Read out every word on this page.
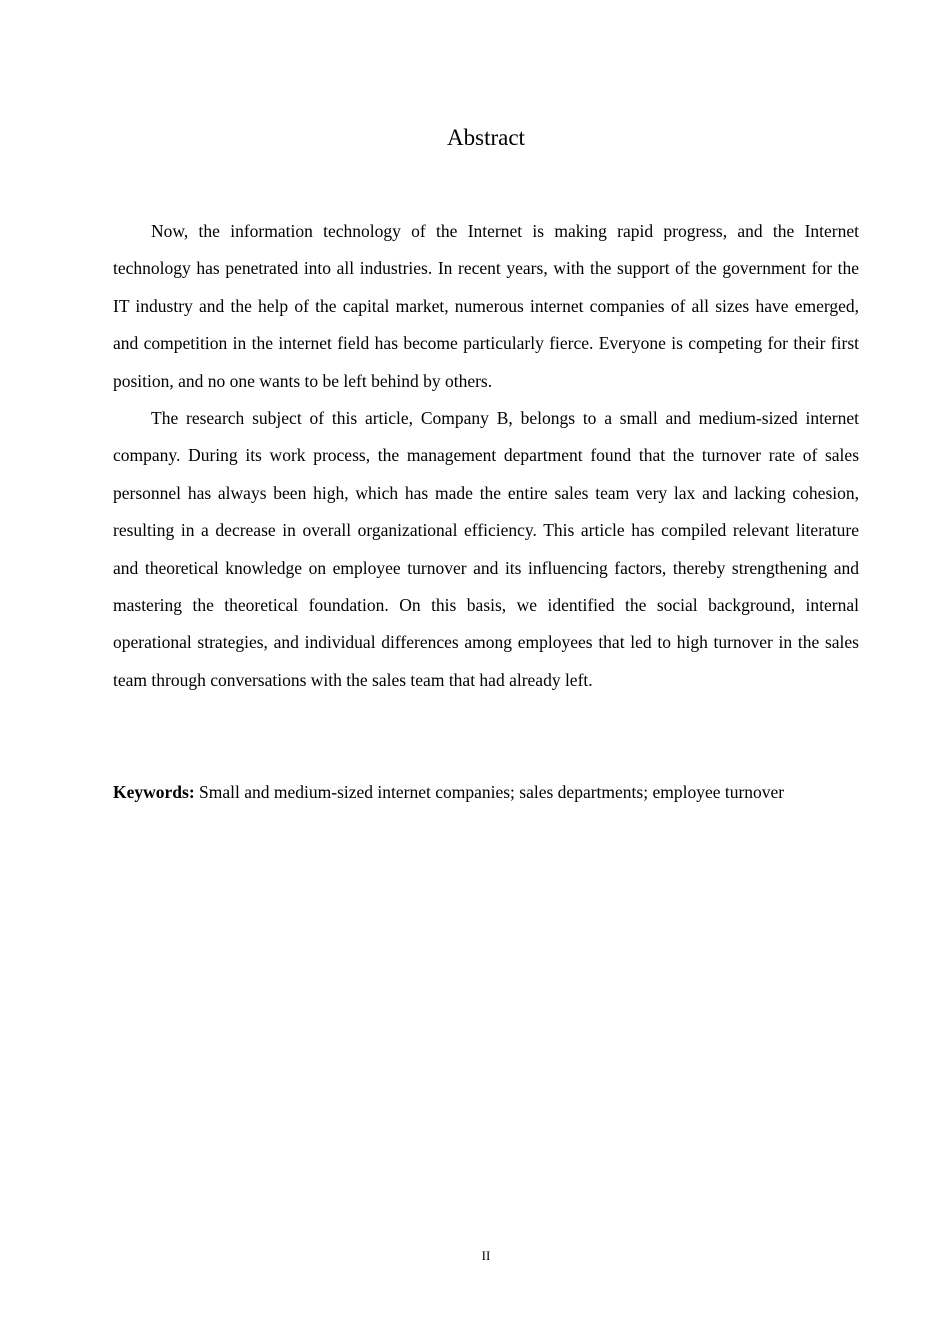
Abstract

Now, the information technology of the Internet is making rapid progress, and the Internet technology has penetrated into all industries. In recent years, with the support of the government for the IT industry and the help of the capital market, numerous internet companies of all sizes have emerged, and competition in the internet field has become particularly fierce. Everyone is competing for their first position, and no one wants to be left behind by others.

The research subject of this article, Company B, belongs to a small and medium-sized internet company. During its work process, the management department found that the turnover rate of sales personnel has always been high, which has made the entire sales team very lax and lacking cohesion, resulting in a decrease in overall organizational efficiency. This article has compiled relevant literature and theoretical knowledge on employee turnover and its influencing factors, thereby strengthening and mastering the theoretical foundation. On this basis, we identified the social background, internal operational strategies, and individual differences among employees that led to high turnover in the sales team through conversations with the sales team that had already left.

Keywords: Small and medium-sized internet companies; sales departments; employee turnover

II
